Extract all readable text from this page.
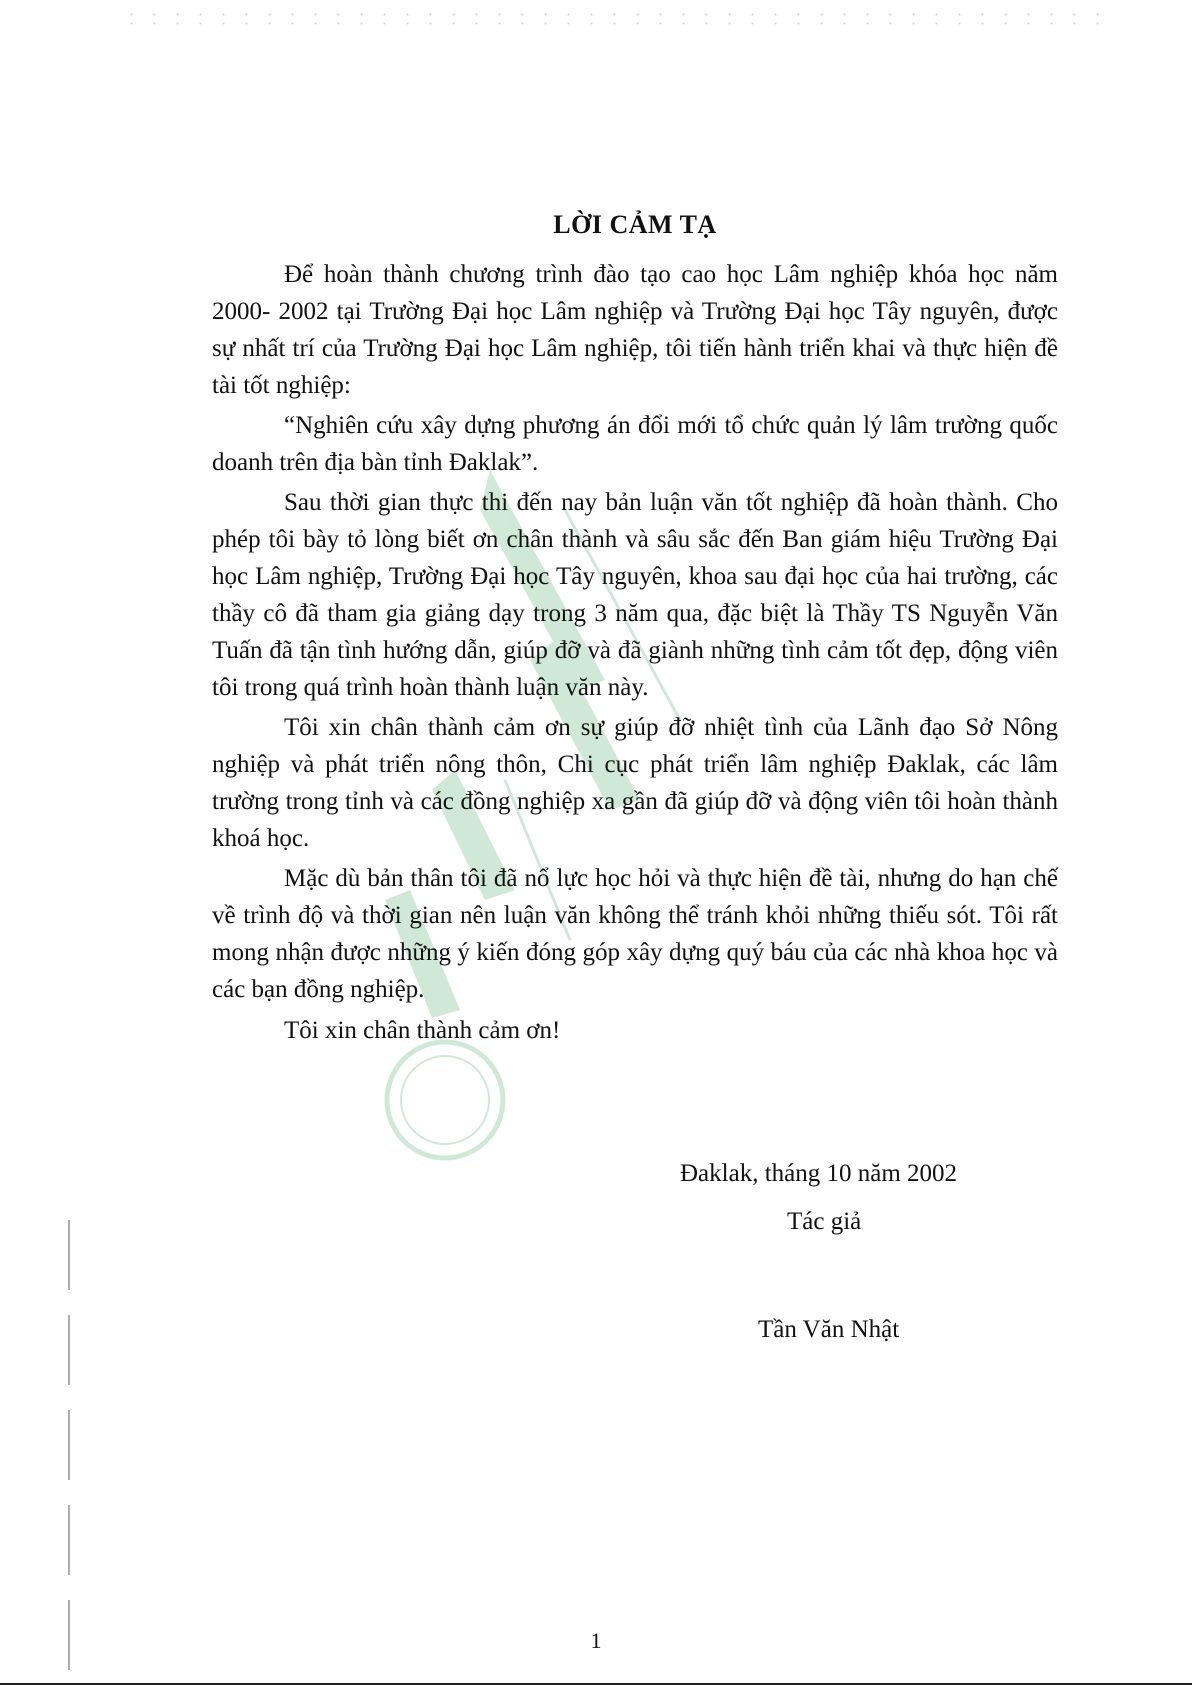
LỜI CẢM TẠ

Để hoàn thành chương trình đào tạo cao học Lâm nghiệp khóa học năm 2000- 2002 tại Trường Đại học Lâm nghiệp và Trường Đại học Tây nguyên, được sự nhất trí của Trường Đại học Lâm nghiệp, tôi tiến hành triển khai và thực hiện đề tài tốt nghiệp:

“Nghiên cứu xây dựng phương án đổi mới tổ chức quản lý lâm trường quốc doanh trên địa bàn tỉnh Đaklak”.

Sau thời gian thực thi đến nay bản luận văn tốt nghiệp đã hoàn thành. Cho phép tôi bày tỏ lòng biết ơn chân thành và sâu sắc đến Ban giám hiệu Trường Đại học Lâm nghiệp, Trường Đại học Tây nguyên, khoa sau đại học của hai trường, các thầy cô đã tham gia giảng dạy trong 3 năm qua, đặc biệt là Thầy TS Nguyễn Văn Tuấn đã tận tình hướng dẫn, giúp đỡ và đã giành những tình cảm tốt đẹp, động viên tôi trong quá trình hoàn thành luận văn này.

Tôi xin chân thành cảm ơn sự giúp đỡ nhiệt tình của Lãnh đạo Sở Nông nghiệp và phát triển nông thôn, Chi cục phát triển lâm nghiệp Đaklak, các lâm trường trong tỉnh và các đồng nghiệp xa gần đã giúp đỡ và động viên tôi hoàn thành khoá học.

Mặc dù bản thân tôi đã nổ lực học hỏi và thực hiện đề tài, nhưng do hạn chế về trình độ và thời gian nên luận văn không thể tránh khỏi những thiếu sót. Tôi rất mong nhận được những ý kiến đóng góp xây dựng quý báu của các nhà khoa học và các bạn đồng nghiệp.

Tôi xin chân thành cảm ơn!

Đaklak, tháng 10 năm 2002
Tác giả
Tần Văn Nhật
1
